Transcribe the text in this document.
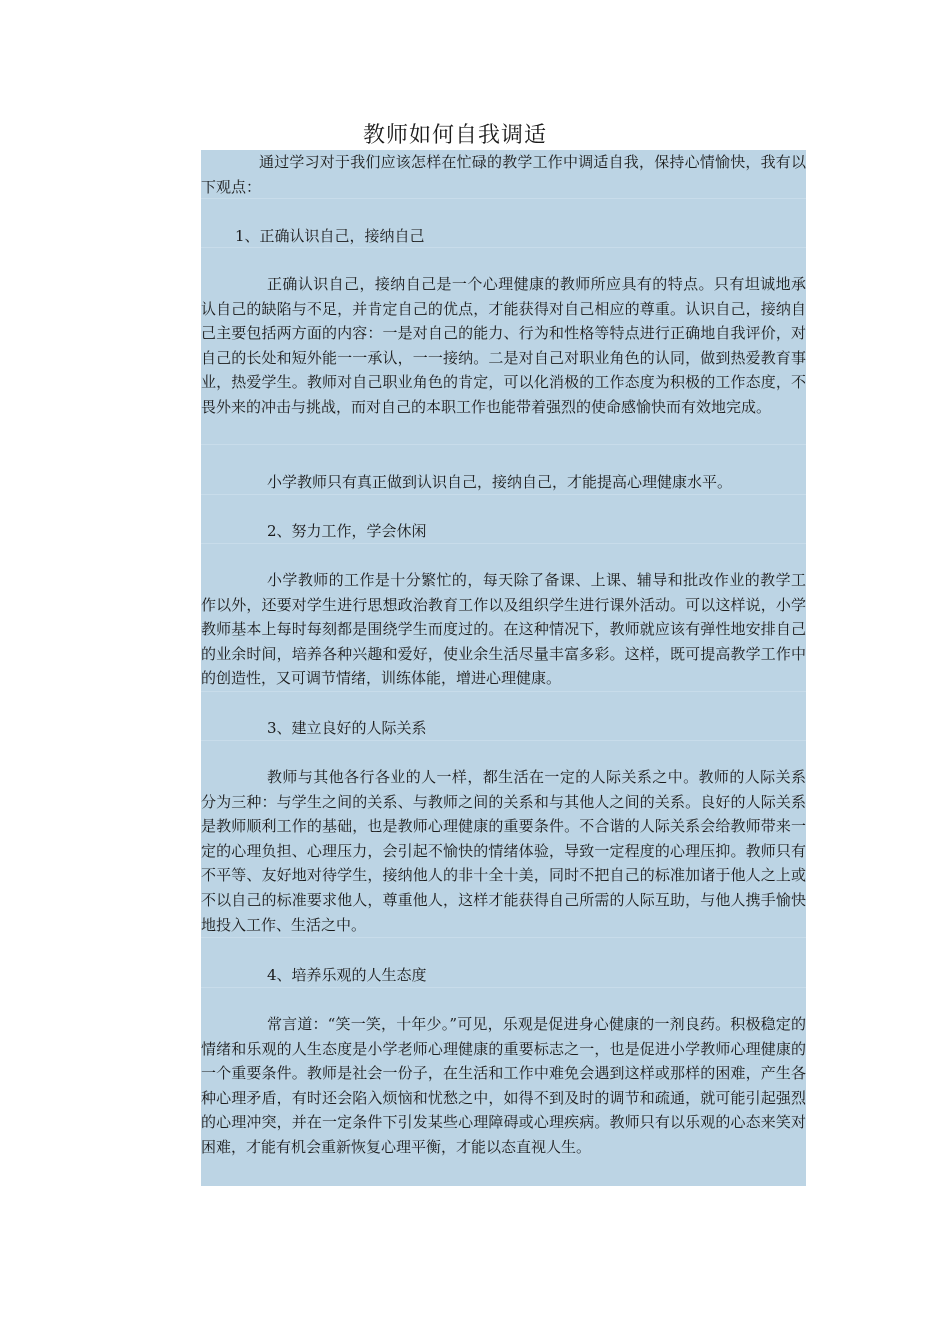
教师如何自我调适

通过学习对于我们应该怎样在忙碌的教学工作中调适自我，保持心情愉快，我有以下观点：

1、正确认识自己，接纳自己

正确认识自己，接纳自己是一个心理健康的教师所应具有的特点。只有坦诚地承认自己的缺陷与不足，并肯定自己的优点，才能获得对自己相应的尊重。认识自己，接纳自己主要包括两方面的内容：一是对自己的能力、行为和性格等特点进行正确地自我评价，对自己的长处和短外能一一承认，一一接纳。二是对自己对职业角色的认同，做到热爱教育事业，热爱学生。教师对自己职业角色的肯定，可以化消极的工作态度为积极的工作态度，不畏外来的冲击与挑战，而对自己的本职工作也能带着强烈的使命感愉快而有效地完成。

小学教师只有真正做到认识自己，接纳自己，才能提高心理健康水平。

2、努力工作，学会休闲

小学教师的工作是十分繁忙的，每天除了备课、上课、辅导和批改作业的教学工作以外，还要对学生进行思想政治教育工作以及组织学生进行课外活动。可以这样说，小学教师基本上每时每刻都是围绕学生而度过的。在这种情况下，教师就应该有弹性地安排自己的业余时间，培养各种兴趣和爱好，使业余生活尽量丰富多彩。这样，既可提高教学工作中的创造性，又可调节情绪，训练体能，增进心理健康。

3、建立良好的人际关系

教师与其他各行各业的人一样，都生活在一定的人际关系之中。教师的人际关系分为三种：与学生之间的关系、与教师之间的关系和与其他人之间的关系。良好的人际关系是教师顺利工作的基础，也是教师心理健康的重要条件。不合谐的人际关系会给教师带来一定的心理负担、心理压力，会引起不愉快的情绪体验，导致一定程度的心理压抑。教师只有不平等、友好地对待学生，接纳他人的非十全十美，同时不把自己的标准加诸于他人之上或不以自己的标准要求他人，尊重他人，这样才能获得自己所需的人际互助，与他人携手愉快地投入工作、生活之中。

4、培养乐观的人生态度

常言道：“笑一笑，十年少。”可见，乐观是促进身心健康的一剂良药。积极稳定的情绪和乐观的人生态度是小学老师心理健康的重要标志之一，也是促进小学教师心理健康的一个重要条件。教师是社会一份子，在生活和工作中难免会遇到这样或那样的困难，产生各种心理矛盾，有时还会陷入烦恼和忧愁之中，如得不到及时的调节和疏通，就可能引起强烈的心理冲突，并在一定条件下引发某些心理障碍或心理疾病。教师只有以乐观的心态来笑对困难，才能有机会重新恢复心理平衡，才能以态直视人生。
